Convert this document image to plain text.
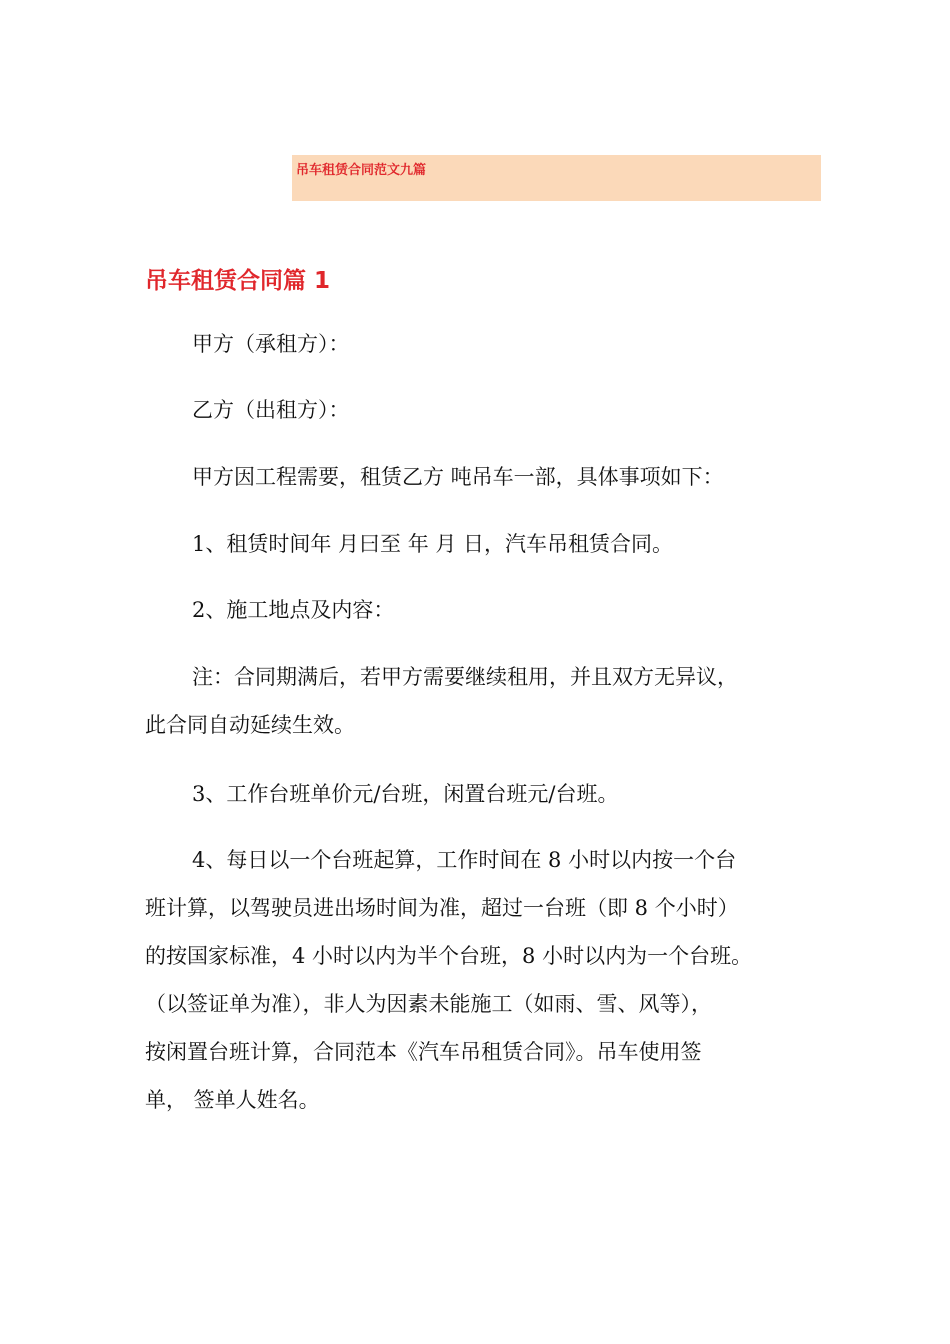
吊车租赁合同范文九篇
吊车租赁合同篇 1

甲方（承租方）：

乙方（出租方）：

甲方因工程需要，租赁乙方 吨吊车一部，具体事项如下：

1、租赁时间年 月曰至 年 月 日，汽车吊租赁合同。

2、施工地点及内容：

注：合同期满后，若甲方需要继续租用，并且双方无异议，
此合同自动延续生效。

3、工作台班单价元/台班，闲置台班元/台班。

4、每日以一个台班起算，工作时间在 8 小时以内按一个台
班计算，以驾驶员进出场时间为准，超过一台班（即 8 个小时）
的按国家标准，4 小时以内为半个台班，8 小时以内为一个台班。
（以签证单为准），非人为因素未能施工（如雨、雪、风等），
按闲置台班计算，合同范本《汽车吊租赁合同》。吊车使用签
单， 签单人姓名。
